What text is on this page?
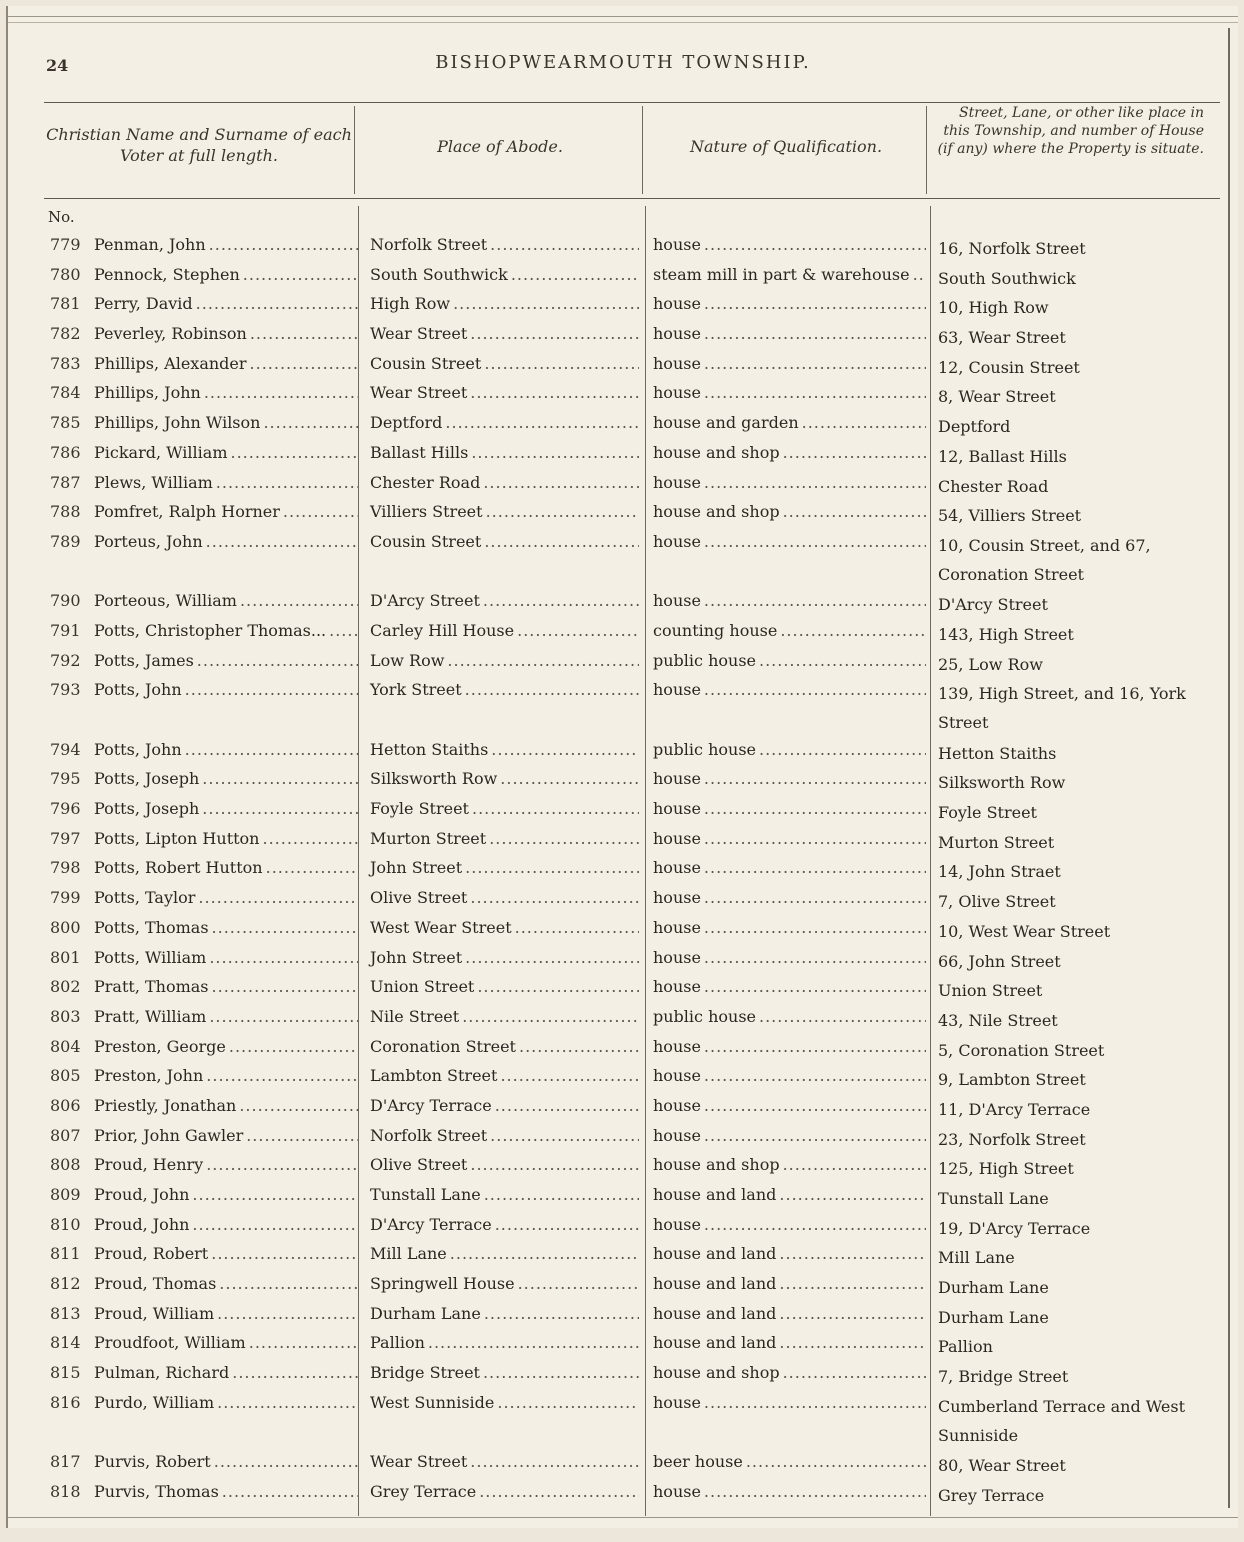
24	BISHOPWEARMOUTH TOWNSHIP.
Christian Name and Surname of each Voter at full length.	Place of Abode.	Nature of Qualification.
Street, Lane, or other like place in this Township, and number of House (if any) where the Property is situate.
No.
779 Penman, John .....	Norfolk Street .....	house .....	16, Norfolk Street
780 Pennock, Stephen .....	South Southwick .....	steam mill in part & warehouse .....	South Southwick
781 Perry, David .....	High Row .....	house .....	10, High Row
782 Peverley, Robinson .....	Wear Street .....	house .....	63, Wear Street
783 Phillips, Alexander .....	Cousin Street .....	house .....	12, Cousin Street
784 Phillips, John .....	Wear Street .....	house .....	8, Wear Street
785 Phillips, John Wilson .....	Deptford .....	house and garden .....	Deptford
786 Pickard, William .....	Ballast Hills .....	house and shop .....	12, Ballast Hills
787 Plews, William .....	Chester Road .....	house .....	Chester Road
788 Pomfret, Ralph Horner .....	Villiers Street .....	house and shop .....	54, Villiers Street
789 Porteus, John .....	Cousin Street .....	house .....	10, Cousin Street, and 67, Coronation Street
790 Porteous, William .....	D'Arcy Street .....	house .....	D'Arcy Street
791 Potts, Christopher Thomas... .....	Carley Hill House .....	counting house .....	143, High Street
792 Potts, James .....	Low Row .....	public house .....	25, Low Row
793 Potts, John .....	York Street .....	house .....	139, High Street, and 16, York Street
794 Potts, John .....	Hetton Staiths .....	public house .....	Hetton Staiths
795 Potts, Joseph .....	Silksworth Row .....	house .....	Silksworth Row
796 Potts, Joseph .....	Foyle Street .....	house .....	Foyle Street
797 Potts, Lipton Hutton .....	Murton Street .....	house .....	Murton Street
798 Potts, Robert Hutton .....	John Street .....	house .....	14, John Straet
799 Potts, Taylor .....	Olive Street .....	house .....	7, Olive Street
800 Potts, Thomas .....	West Wear Street .....	house .....	10, West Wear Street
801 Potts, William .....	John Street .....	house .....	66, John Street
802 Pratt, Thomas .....	Union Street .....	house .....	Union Street
803 Pratt, William .....	Nile Street .....	public house .....	43, Nile Street
804 Preston, George .....	Coronation Street .....	house .....	5, Coronation Street
805 Preston, John .....	Lambton Street .....	house .....	9, Lambton Street
806 Priestly, Jonathan .....	D'Arcy Terrace .....	house .....	11, D'Arcy Terrace
807 Prior, John Gawler .....	Norfolk Street .....	house .....	23, Norfolk Street
808 Proud, Henry .....	Olive Street .....	house and shop .....	125, High Street
809 Proud, John .....	Tunstall Lane .....	house and land .....	Tunstall Lane
810 Proud, John .....	D'Arcy Terrace .....	house .....	19, D'Arcy Terrace
811 Proud, Robert .....	Mill Lane .....	house and land .....	Mill Lane
812 Proud, Thomas .....	Springwell House .....	house and land .....	Durham Lane
813 Proud, William .....	Durham Lane .....	house and land .....	Durham Lane
814 Proudfoot, William .....	Pallion .....	house and land .....	Pallion
815 Pulman, Richard .....	Bridge Street .....	house and shop .....	7, Bridge Street
816 Purdo, William .....	West Sunniside .....	house .....	Cumberland Terrace and West Sunniside
817 Purvis, Robert .....	Wear Street .....	beer house .....	80, Wear Street
818 Purvis, Thomas .....	Grey Terrace .....	house .....	Grey Terrace
